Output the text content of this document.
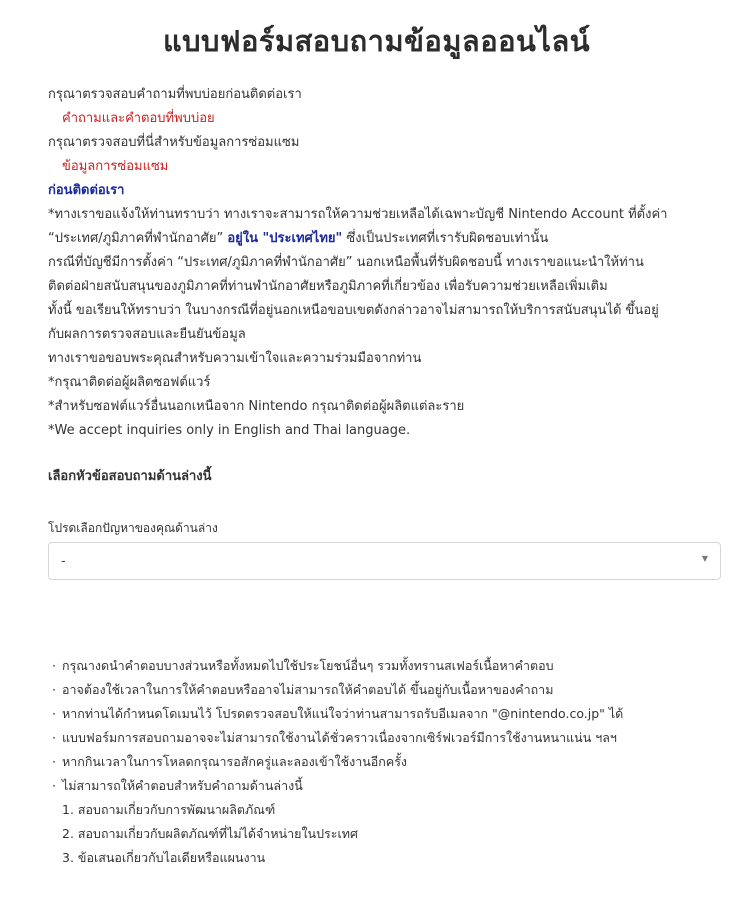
แบบฟอร์มสอบถามข้อมูลออนไลน์
กรุณาตรวจสอบคำถามที่พบบ่อยก่อนติดต่อเรา
คำถามและคำตอบที่พบบ่อย
กรุณาตรวจสอบที่นี่สำหรับข้อมูลการซ่อมแซม
ข้อมูลการซ่อมแซม
ก่อนติดต่อเรา
*ทางเราขอแจ้งให้ท่านทราบว่า ทางเราจะสามารถให้ความช่วยเหลือได้เฉพาะบัญชี Nintendo Account ที่ตั้งค่า
“ประเทศ/ภูมิภาคที่พำนักอาศัย” อยู่ใน "ประเทศไทย" ซึ่งเป็นประเทศที่เรารับผิดชอบเท่านั้น
กรณีที่บัญชีมีการตั้งค่า “ประเทศ/ภูมิภาคที่พำนักอาศัย” นอกเหนือพื้นที่รับผิดชอบนี้ ทางเราขอแนะนำให้ท่าน
ติดต่อฝ่ายสนับสนุนของภูมิภาคที่ท่านพำนักอาศัยหรือภูมิภาคที่เกี่ยวข้อง เพื่อรับความช่วยเหลือเพิ่มเติม
ทั้งนี้ ขอเรียนให้ทราบว่า ในบางกรณีที่อยู่นอกเหนือขอบเขตดังกล่าวอาจไม่สามารถให้บริการสนับสนุนได้ ขึ้นอยู่
กับผลการตรวจสอบและยืนยันข้อมูล
ทางเราขอขอบพระคุณสำหรับความเข้าใจและความร่วมมือจากท่าน
*กรุณาติดต่อผู้ผลิตซอฟต์แวร์
*สำหรับซอฟต์แวร์อื่นนอกเหนือจาก Nintendo กรุณาติดต่อผู้ผลิตแต่ละราย
*We accept inquiries only in English and Thai language.
เลือกหัวข้อสอบถามด้านล่างนี้
โปรดเลือกปัญหาของคุณด้านล่าง
-	▼
· กรุณางดนำคำตอบบางส่วนหรือทั้งหมดไปใช้ประโยชน์อื่นๆ รวมทั้งทรานสเฟอร์เนื้อหาคำตอบ
· อาจต้องใช้เวลาในการให้คำตอบหรืออาจไม่สามารถให้คำตอบได้ ขึ้นอยู่กับเนื้อหาของคำถาม
· หากท่านได้กำหนดโดเมนไว้ โปรดตรวจสอบให้แน่ใจว่าท่านสามารถรับอีเมลจาก "@nintendo.co.jp" ได้
· แบบฟอร์มการสอบถามอาจจะไม่สามารถใช้งานได้ชั่วคราวเนื่องจากเซิร์ฟเวอร์มีการใช้งานหนาแน่น ฯลฯ
· หากกินเวลาในการโหลดกรุณารอสักครู่และลองเข้าใช้งานอีกครั้ง
· ไม่สามารถให้คำตอบสำหรับคำถามด้านล่างนี้
1. สอบถามเกี่ยวกับการพัฒนาผลิตภัณฑ์
2. สอบถามเกี่ยวกับผลิตภัณฑ์ที่ไม่ได้จำหน่ายในประเทศ
3. ข้อเสนอเกี่ยวกับไอเดียหรือแผนงาน
